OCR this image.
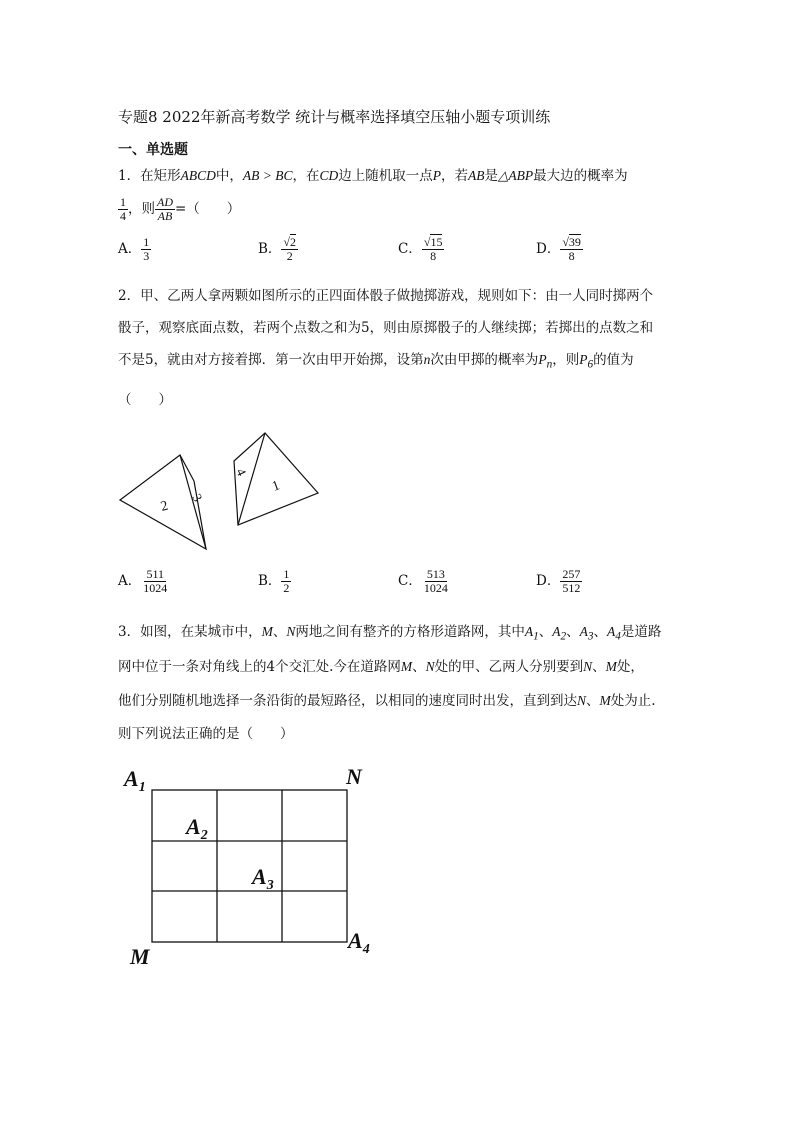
专题8 2022年新高考数学 统计与概率选择填空压轴小题专项训练
一、单选题
1．在矩形ABCD中，AB > BC，在CD边上随机取一点P，若AB是△ABP最大边的概率为
$\frac{1}{4}$ ，则 $\frac{AD}{AB}$ =（　　）
A． $\frac{1}{3}$	B． $\frac{√2}{2}$	C． $\frac{√15}{8}$	D． $\frac{√39}{8}$
2．甲、乙两人拿两颗如图所示的正四面体骰子做抛掷游戏，规则如下：由一人同时掷两个
骰子，观察底面点数，若两个点数之和为5，则由原掷骰子的人继续掷；若掷出的点数之和
不是5，就由对方接着掷．第一次由甲开始掷，设第n次由甲掷的概率为$P_n$，则$P_6$的值为
（　　）
2
3
4
1
A． $\frac{511}{1024}$	B． $\frac{1}{2}$	C． $\frac{513}{1024}$	D． $\frac{257}{512}$
3．如图，在某城市中，M、N两地之间有整齐的方格形道路网，其中$A_1$、$A_2$、$A_3$、$A_4$是道路
网中位于一条对角线上的4个交汇处.今在道路网M、N处的甲、乙两人分别要到N、M处，
他们分别随机地选择一条沿街的最短路径，以相同的速度同时出发，直到到达N、M处为止.
则下列说法正确的是（　　）
$A_1$	N
$A_2$
$A_3$
$A_4$
M
